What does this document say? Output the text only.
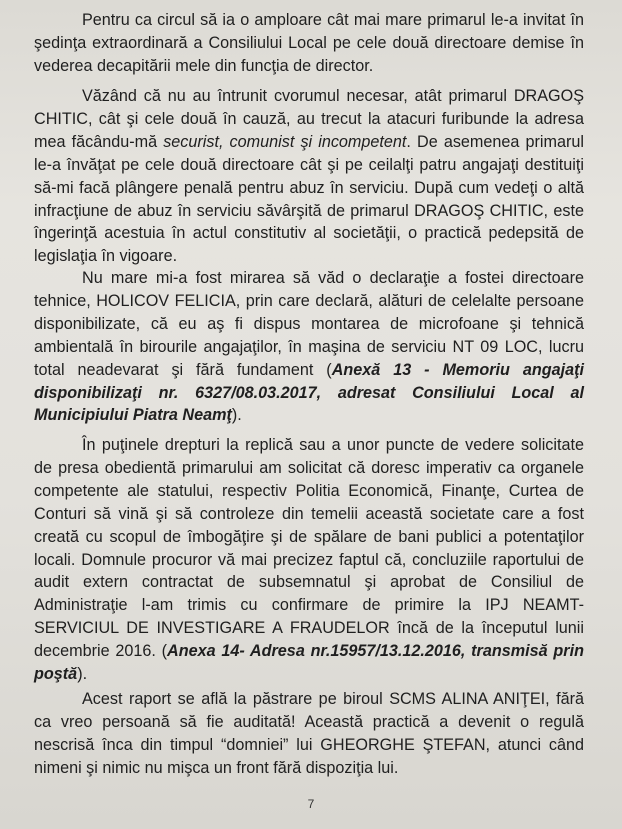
Pentru ca circul să ia o amploare cât mai mare primarul le-a invitat în şedinţa extraordinară a Consiliului Local pe cele două directoare demise în vederea decapitării mele din funcţia de director.

Văzând că nu au întrunit cvorumul necesar, atât primarul DRAGOŞ CHITIC, cât şi cele două în cauză, au trecut la atacuri furibunde la adresa mea făcându-mă securist, comunist şi incompetent. De asemenea primarul le-a învăţat pe cele două directoare cât şi pe ceilalţi patru angajaţi destituiţi să-mi facă plângere penală pentru abuz în serviciu. După cum vedeţi o altă infracţiune de abuz în serviciu săvârşită de primarul DRAGOŞ CHITIC, este îngerinţă acestuia în actul constitutiv al societăţii, o practică pedepsită de legislaţia în vigoare.

Nu mare mi-a fost mirarea să văd o declaraţie a fostei directoare tehnice, HOLICOV FELICIA, prin care declară, alături de celelalte persoane disponibilizate, că eu aş fi dispus montarea de microfoane şi tehnică ambientală în birourile angajaţilor, în maşina de serviciu NT 09 LOC, lucru total neadevarat şi fără fundament (Anexă 13 - Memoriu angajaţi disponibilizaţi nr. 6327/08.03.2017, adresat Consiliului Local al Municipiului Piatra Neamţ).

În puţinele drepturi la replică sau a unor puncte de vedere solicitate de presa obedientă primarului am solicitat că doresc imperativ ca organele competente ale statului, respectiv Politia Economică, Finanţe, Curtea de Conturi să vină şi să controleze din temelii această societate care a fost creată cu scopul de îmbogăţire şi de spălare de bani publici a potentaţilor locali. Domnule procuror vă mai precizez faptul că, concluziile raportului de audit extern contractat de subsemnatul şi aprobat de Consiliul de Administraţie l-am trimis cu confirmare de primire la IPJ NEAMT- SERVICIUL DE INVESTIGARE A FRAUDELOR încă de la începutul lunii decembrie 2016. (Anexa 14- Adresa nr.15957/13.12.2016, transmisă prin poştă).

Acest raport se află la păstrare pe biroul SCMS ALINA ANIŢEI, fără ca vreo persoană să fie auditată! Această practică a devenit o regulă nescrisă înca din timpul “domniei” lui GHEORGHE ŞTEFAN, atunci când nimeni şi nimic nu mişca un front fără dispoziţia lui.

7
